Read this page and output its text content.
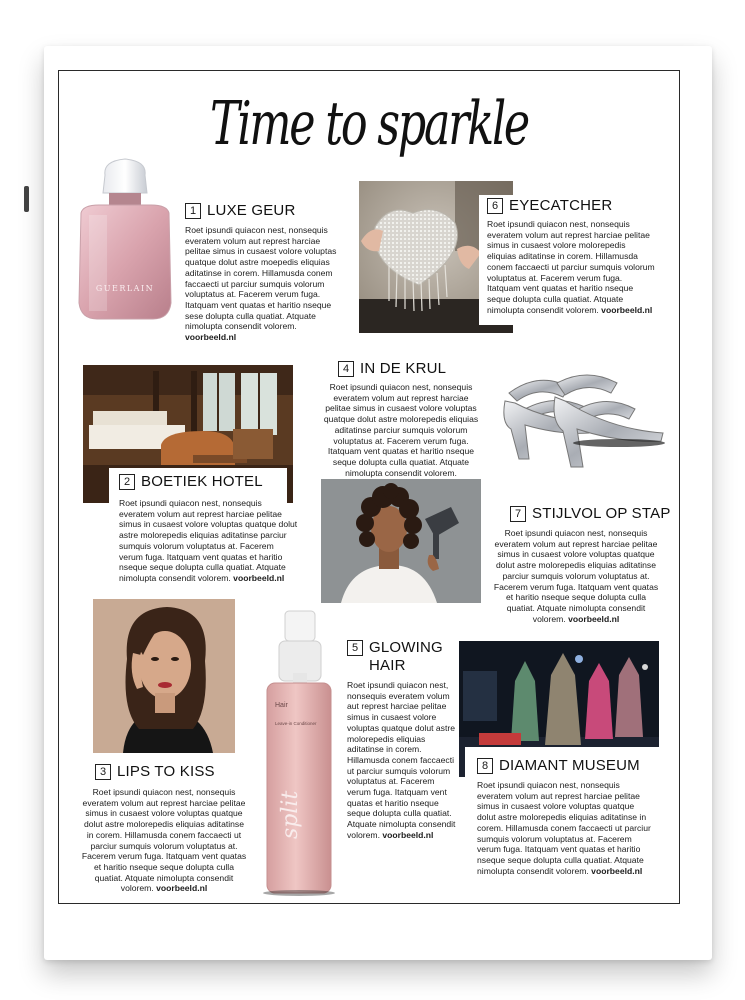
Time to sparkle
GUERLAIN
1 LUXE GEUR
Roet ipsundi quiacon nest, nonsequis everatem volum aut represt harciae pelitae simus in cusaest volore voluptas quatque dolut astre moepedis eliquias aditatinse in corem. Hillamusda conem faccaecti ut parciur sumquis volorum voluptatus at. Facerem verum fuga. Itatquam vent quatas et haritio nseque sese dolupta culla quatiat. Atquate nimolupta consendit volorem. voorbeeld.nl
6 EYECATCHER
Roet ipsundi quiacon nest, nonsequis everatem volum aut represt harciae pelitae simus in cusaest volore molorepedis eliquias aditatinse in corem. Hillamusda conem faccaecti ut parciur sumquis volorum voluptatus at. Facerem verum fuga. Itatquam vent quatas et haritio nseque seque dolupta culla quatiat. Atquate nimolupta consendit volorem. voorbeeld.nl
2 BOETIEK HOTEL
Roet ipsundi quiacon nest, nonsequis everatem volum aut represt harciae pelitae simus in cusaest volore voluptas quatque dolut astre molorepedis eliquias aditatinse parciur sumquis volorum voluptatus at. Facerem verum fuga. Itatquam vent quatas et haritio nseque seque dolupta culla quatiat. Atquate nimolupta consendit volorem. voorbeeld.nl
4 IN DE KRUL
Roet ipsundi quiacon nest, nonsequis everatem volum aut represt harciae pelitae simus in cusaest volore voluptas quatque dolut astre molorepedis eliquias aditatinse parciur sumquis volorum voluptatus at. Facerem verum fuga. Itatquam vent quatas et haritio nseque seque dolupta culla quatiat. Atquate nimolupta consendit volorem.
7 STIJLVOL OP STAP
Roet ipsundi quiacon nest, nonsequis everatem volum aut represt harciae pelitae simus in cusaest volore voluptas quatque dolut astre molorepedis eliquias aditatinse parciur sumquis volorum voluptatus at. Facerem verum fuga. Itatquam vent quatas et haritio nseque seque dolupta culla quatiat. Atquate nimolupta consendit volorem. voorbeeld.nl
3 LIPS TO KISS
Roet ipsundi quiacon nest, nonsequis everatem volum aut represt harciae pelitae simus in cusaest volore voluptas quatque dolut astre molorepedis eliquias aditatinse in corem. Hillamusda conem faccaecti ut parciur sumquis volorum voluptatus at. Facerem verum fuga. Itatquam vent quatas et haritio nseque seque dolupta culla quatiat. Atquate nimolupta consendit volorem. voorbeeld.nl
Hair
Leave-in Conditioner
split
5 GLOWING HAIR
Roet ipsundi quiacon nest, nonsequis everatem volum aut represt harciae pelitae simus in cusaest volore voluptas quatque dolut astre molorepedis eliquias aditatinse in corem. Hillamusda conem faccaecti ut parciur sumquis volorum voluptatus at. Facerem verum fuga. Itatquam vent quatas et haritio nseque seque dolupta culla quatiat. Atquate nimolupta consendit volorem. voorbeeld.nl
8 DIAMANT MUSEUM
Roet ipsundi quiacon nest, nonsequis everatem volum aut represt harciae pelitae simus in cusaest volore voluptas quatque dolut astre molorepedis eliquias aditatinse in corem. Hillamusda conem faccaecti ut parciur sumquis volorum voluptatus at. Facerem verum fuga. Itatquam vent quatas et haritio nseque seque dolupta culla quatiat. Atquate nimolupta consendit volorem. voorbeeld.nl
